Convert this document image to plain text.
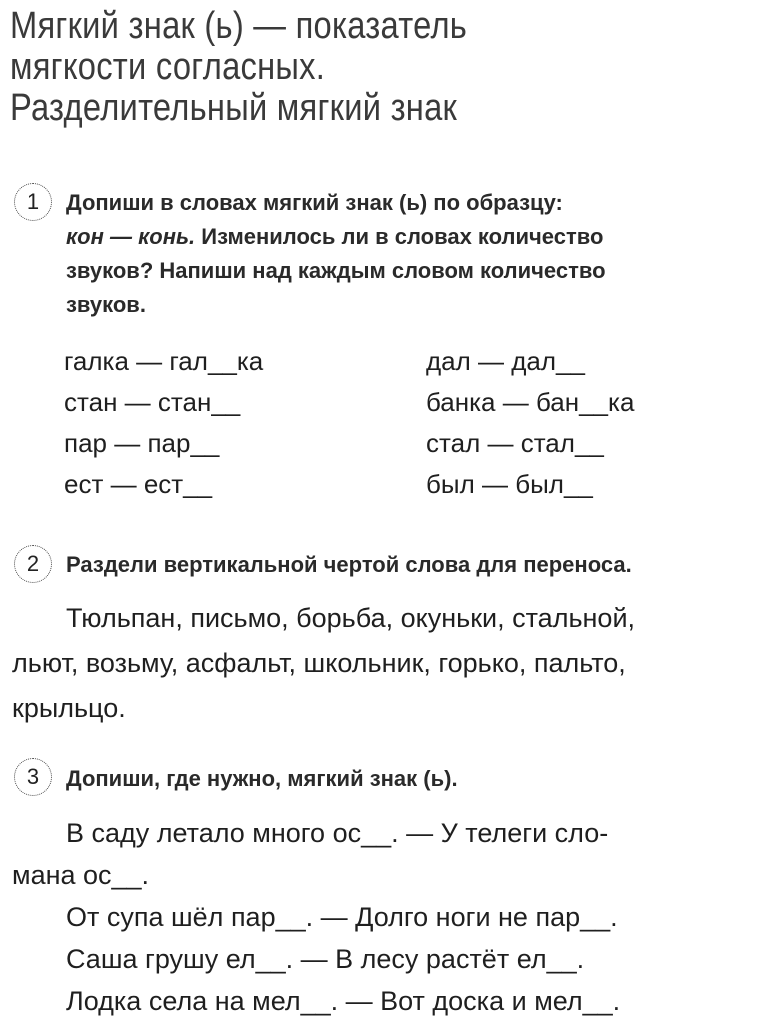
Мягкий знак (ь) — показатель
мягкости согласных.
Разделительный мягкий знак
1	Допиши в словах мягкий знак (ь) по образцу:
кон — конь. Изменилось ли в словах количество
звуков? Напиши над каждым словом количество
звуков.
галка — гал__ка	дал — дал__
стан — стан__	банка — бан__ка
пар — пар__	стал — стал__
ест — ест__	был — был__
2	Раздели вертикальной чертой слова для переноса.
Тюльпан, письмо, борьба, окуньки, стальной,
льют, возьму, асфальт, школьник, горько, пальто,
крыльцо.
3	Допиши, где нужно, мягкий знак (ь).
В саду летало много ос__. — У телеги сло-
мана ос__.
От супа шёл пар__. — Долго ноги не пар__.
Саша грушу ел__. — В лесу растёт ел__.
Лодка села на мел__. — Вот доска и мел__.
